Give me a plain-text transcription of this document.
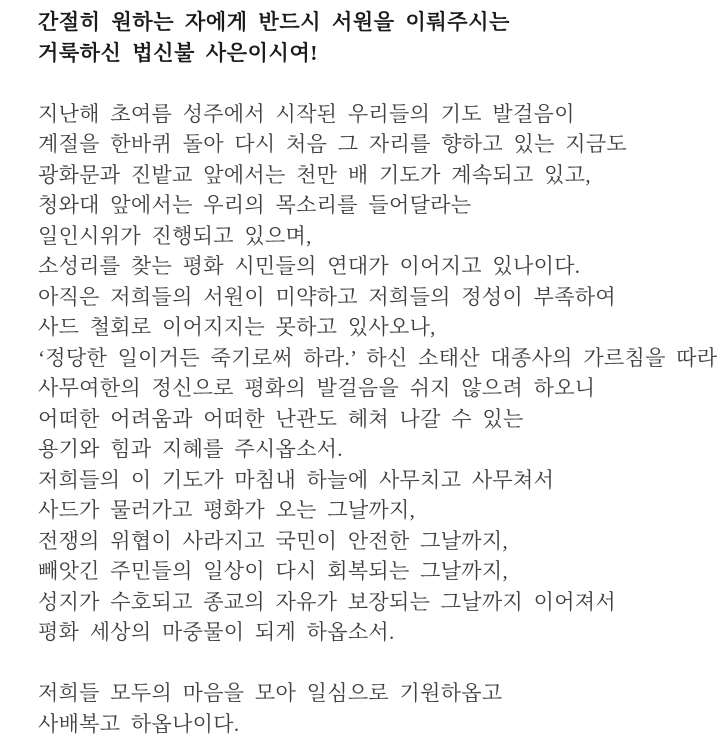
간절히 원하는 자에게 반드시 서원을 이뤄주시는
거룩하신 법신불 사은이시여!
지난해 초여름 성주에서 시작된 우리들의 기도 발걸음이
계절을 한바퀴 돌아 다시 처음 그 자리를 향하고 있는 지금도
광화문과 진밭교 앞에서는 천만 배 기도가 계속되고 있고,
청와대 앞에서는 우리의 목소리를 들어달라는
일인시위가 진행되고 있으며,
소성리를 찾는 평화 시민들의 연대가 이어지고 있나이다.
아직은 저희들의 서원이 미약하고 저희들의 정성이 부족하여
사드 철회로 이어지지는 못하고 있사오나,
‘정당한 일이거든 죽기로써 하라.’ 하신 소태산 대종사의 가르침을 따라
사무여한의 정신으로 평화의 발걸음을 쉬지 않으려 하오니
어떠한 어려움과 어떠한 난관도 헤쳐 나갈 수 있는
용기와 힘과 지혜를 주시옵소서.
저희들의 이 기도가 마침내 하늘에 사무치고 사무쳐서
사드가 물러가고 평화가 오는 그날까지,
전쟁의 위협이 사라지고 국민이 안전한 그날까지,
빼앗긴 주민들의 일상이 다시 회복되는 그날까지,
성지가 수호되고 종교의 자유가 보장되는 그날까지 이어져서
평화 세상의 마중물이 되게 하옵소서.
저희들 모두의 마음을 모아 일심으로 기원하옵고
사배복고 하옵나이다.
